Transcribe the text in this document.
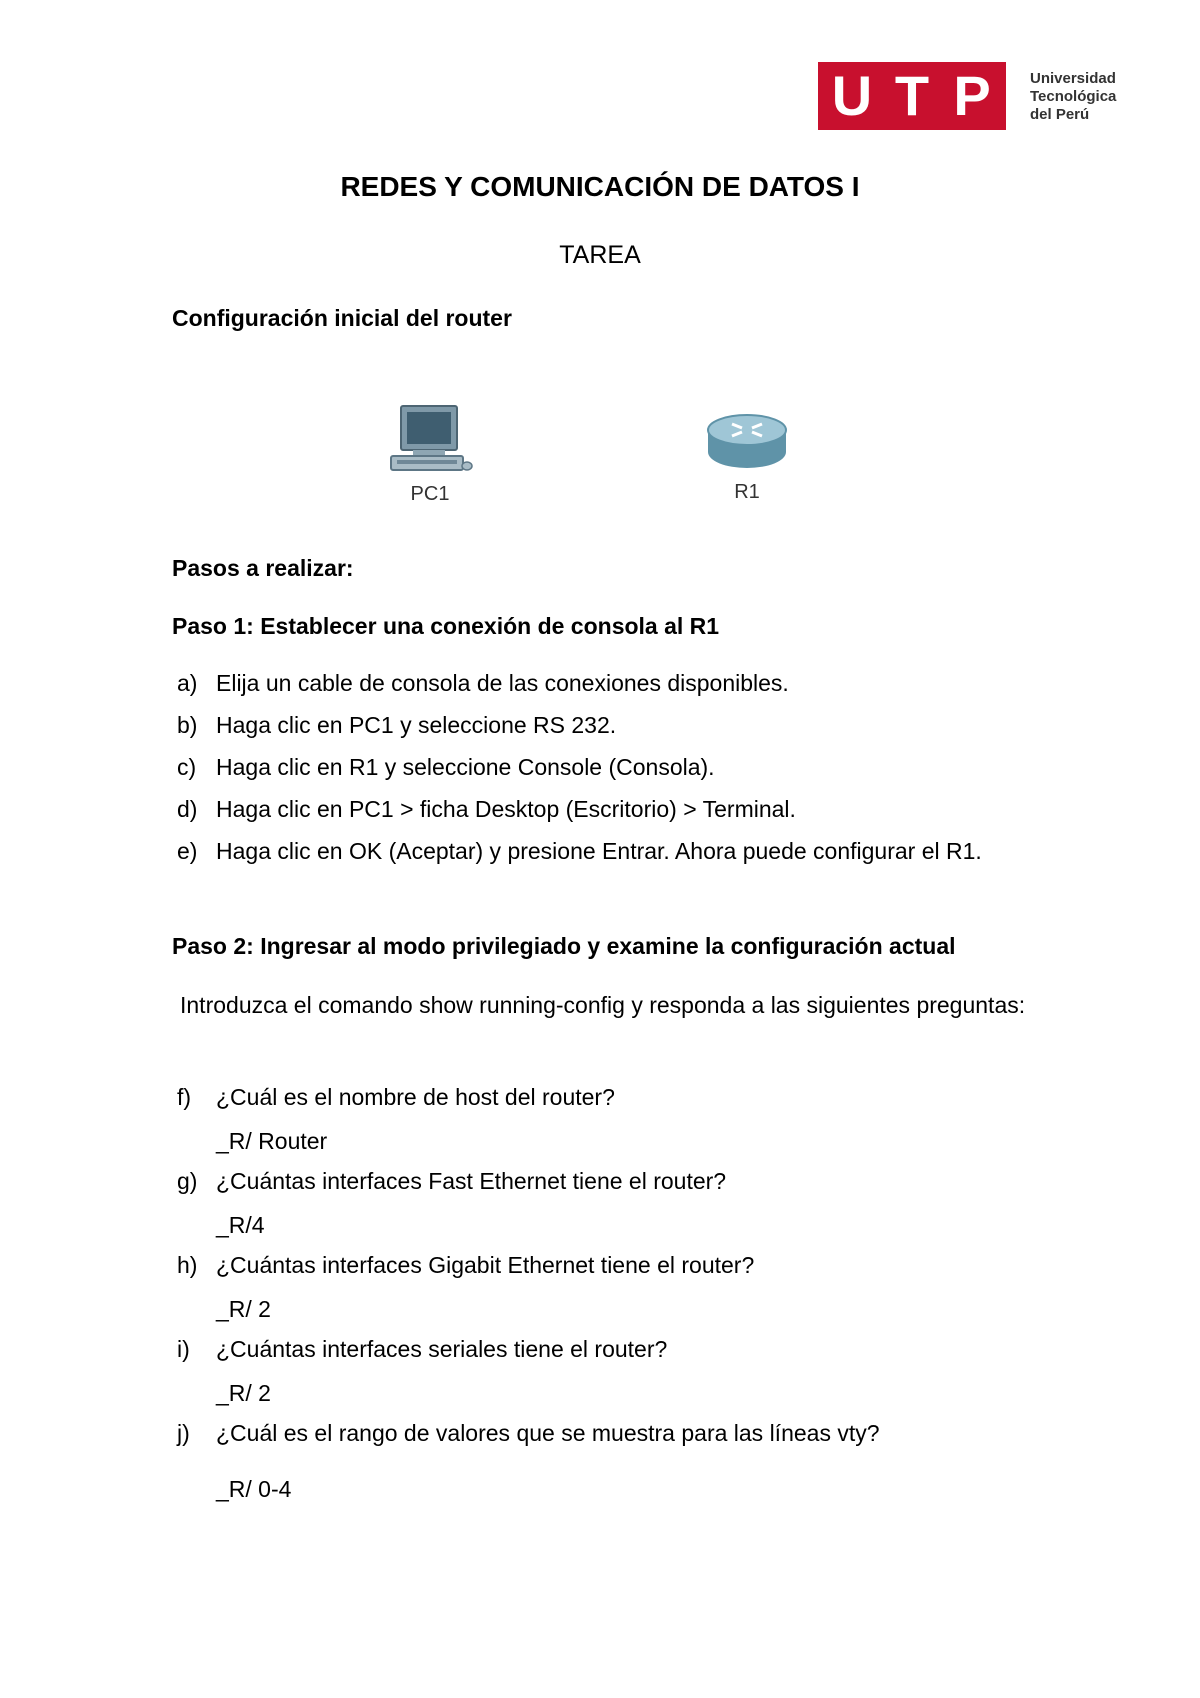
U T P	Universidad
Tecnológica
del Perú
REDES Y COMUNICACIÓN DE DATOS I
TAREA
Configuración inicial del router
PC1	R1
Pasos a realizar:
Paso 1: Establecer una conexión de consola al R1
a) Elija un cable de consola de las conexiones disponibles.
b) Haga clic en PC1 y seleccione RS 232.
c) Haga clic en R1 y seleccione Console (Consola).
d) Haga clic en PC1 > ficha Desktop (Escritorio) > Terminal.
e) Haga clic en OK (Aceptar) y presione Entrar. Ahora puede configurar el R1.
Paso 2: Ingresar al modo privilegiado y examine la configuración actual
Introduzca el comando show running-config y responda a las siguientes preguntas:
f) ¿Cuál es el nombre de host del router?
_R/ Router
g) ¿Cuántas interfaces Fast Ethernet tiene el router?
_R/4
h) ¿Cuántas interfaces Gigabit Ethernet tiene el router?
_R/ 2
i) ¿Cuántas interfaces seriales tiene el router?
_R/ 2
j) ¿Cuál es el rango de valores que se muestra para las líneas vty?
_R/ 0-4
